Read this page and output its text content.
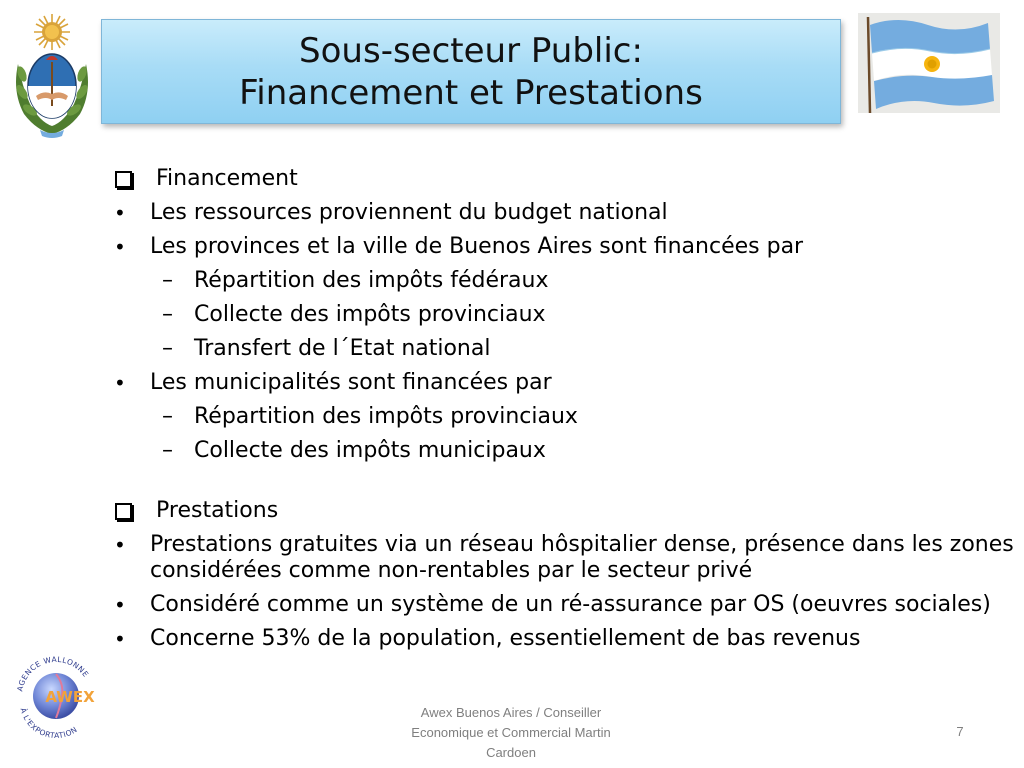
Sous-secteur Public:
Financement et Prestations
Financement
• Les ressources proviennent du budget national
• Les provinces et la ville de Buenos Aires sont financées par
– Répartition des impôts fédéraux
– Collecte des impôts provinciaux
– Transfert de l´Etat national
• Les municipalités sont financées par
– Répartition des impôts provinciaux
– Collecte des impôts municipaux
Prestations
• Prestations gratuites via un réseau hôspitalier dense, présence dans les zones considérées comme non-rentables par le secteur privé
• Considéré comme un système de un ré-assurance par OS (oeuvres sociales)
• Concerne 53% de la population, essentiellement de bas revenus
AGENCE WALLONNE
À L'EXPORTATION
AWEX
Awex Buenos Aires / Conseiller
Economique et Commercial Martin
Cardoen
7
